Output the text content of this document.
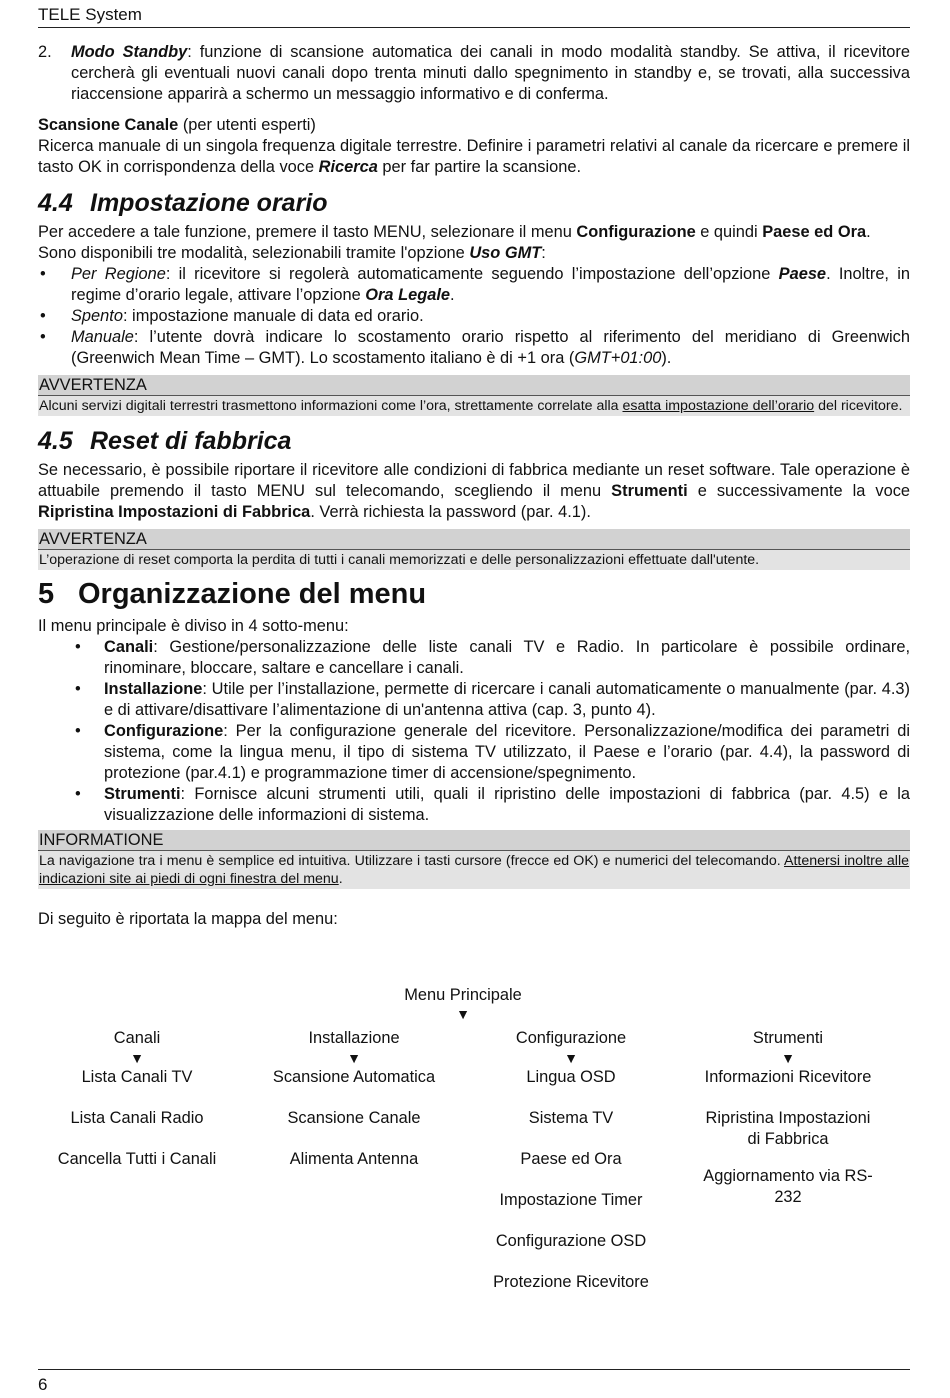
TELE System
2.	Modo Standby: funzione di scansione automatica dei canali in modo modalità standby. Se attiva, il ricevitore cercherà gli eventuali nuovi canali dopo trenta minuti dallo spegnimento in standby e, se trovati, alla successiva riaccensione apparirà a schermo un messaggio informativo e di conferma.

Scansione Canale (per utenti esperti)

Ricerca manuale di un singola frequenza digitale terrestre. Definire i parametri relativi al canale da ricercare e premere il tasto OK in corrispondenza della voce Ricerca per far partire la scansione.

4.4 Impostazione orario

Per accedere a tale funzione, premere il tasto MENU, selezionare il menu Configurazione e quindi Paese ed Ora.

Sono disponibili tre modalità, selezionabili tramite l'opzione Uso GMT:

•	Per Regione: il ricevitore si regolerà automaticamente seguendo l’impostazione dell’opzione Paese. Inoltre, in regime d’orario legale, attivare l’opzione Ora Legale.
•	Spento: impostazione manuale di data ed orario.
•	Manuale: l’utente dovrà indicare lo scostamento orario rispetto al riferimento del meridiano di Greenwich (Greenwich Mean Time – GMT). Lo scostamento italiano è di +1 ora (GMT+01:00).
AVVERTENZA
Alcuni servizi digitali terrestri trasmettono informazioni come l’ora, strettamente correlate alla esatta impostazione dell’orario del ricevitore.
4.5 Reset di fabbrica

Se necessario, è possibile riportare il ricevitore alle condizioni di fabbrica mediante un reset software. Tale operazione è attuabile premendo il tasto MENU sul telecomando, scegliendo il menu Strumenti e successivamente la voce Ripristina Impostazioni di Fabbrica. Verrà richiesta la password (par. 4.1).

AVVERTENZA
L’operazione di reset comporta la perdita di tutti i canali memorizzati e delle personalizzazioni effettuate dall'utente.
5 Organizzazione del menu

Il menu principale è diviso in 4 sotto-menu:

•	Canali: Gestione/personalizzazione delle liste canali TV e Radio. In particolare è possibile ordinare, rinominare, bloccare, saltare e cancellare i canali.
•	Installazione: Utile per l’installazione, permette di ricercare i canali automaticamente o manualmente (par. 4.3) e di attivare/disattivare l’alimentazione di un'antenna attiva (cap. 3, punto 4).
•	Configurazione: Per la configurazione generale del ricevitore. Personalizzazione/modifica dei parametri di sistema, come la lingua menu, il tipo di sistema TV utilizzato, il Paese e l’orario (par. 4.4), la password di protezione (par.4.1) e programmazione timer di accensione/spegnimento.
•	Strumenti: Fornisce alcuni strumenti utili, quali il ripristino delle impostazioni di fabbrica (par. 4.5) e la visualizzazione delle informazioni di sistema.
INFORMATIONE
La navigazione tra i menu è semplice ed intuitiva. Utilizzare i tasti cursore (frecce ed OK) e numerici del telecomando. Attenersi inoltre alle indicazioni site ai piedi di ogni finestra del menu.

Di seguito è riportata la mappa del menu:

Menu Principale
▼
Canali
▼
Lista Canali TV
Lista Canali Radio
Cancella Tutti i Canali
Installazione
▼
Scansione Automatica
Scansione Canale
Alimenta Antenna
Configurazione
▼
Lingua OSD
Sistema TV
Paese ed Ora
Impostazione Timer
Configurazione OSD
Protezione Ricevitore
Strumenti
▼
Informazioni Ricevitore
Ripristina Impostazioni
di Fabbrica
Aggiornamento via RS-
232
6
